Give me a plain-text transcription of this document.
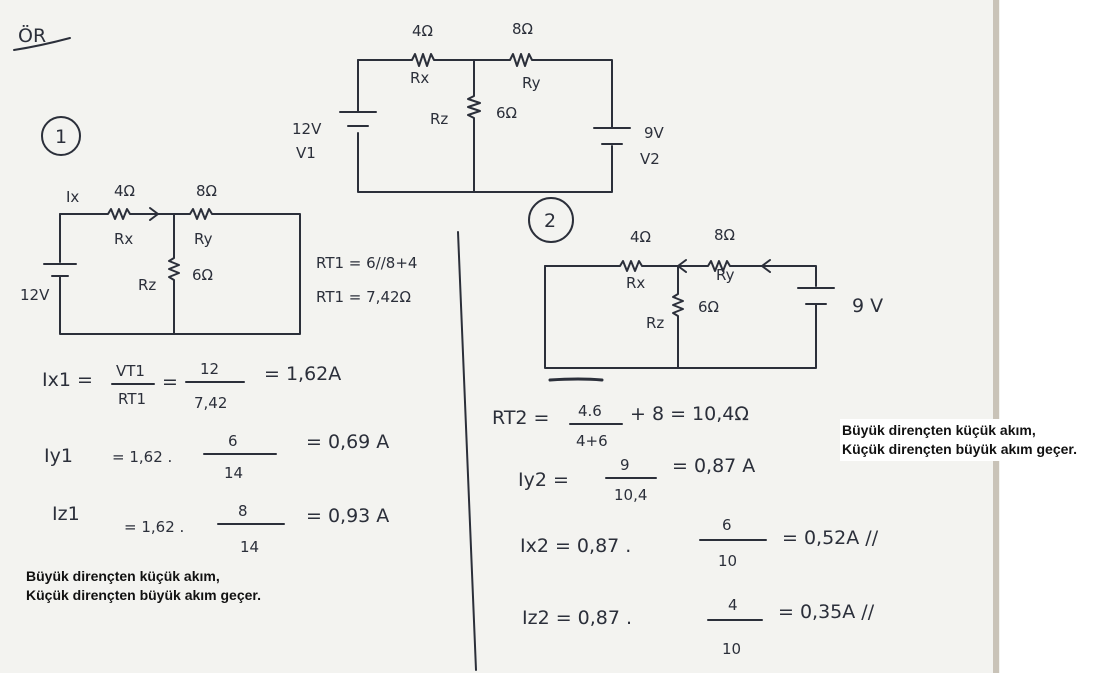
ÖR	4Ω	8Ω
Rx	Ry
Rz	6Ω
12V
V1
9V
V2
1
Ix 4Ω	8Ω
Rx	Ry
Rz
6Ω
12V
RT1 = 6//8+4
RT1 = 7,42Ω
Ix1 = VT1
RT1
=
12
7,42
= 1,62A
Iy1	= 1,62 .
6
14
= 0,69 A
Iz1
= 1,62 .
8
14
= 0,93 A
2
4Ω	8Ω
Rx	Ry
Rz
6Ω	9 V
RT2 = 4.6
4+6
+ 8 = 10,4Ω
Iy2 =
9
10,4
= 0,87 A
Ix2 = 0,87 .
6
10
= 0,52A //
Iz2 = 0,87 .
4
10
= 0,35A //
Büyük dirençten küçük akım,
Küçük dirençten büyük akım geçer.
Büyük dirençten küçük akım,
Küçük dirençten büyük akım geçer.
